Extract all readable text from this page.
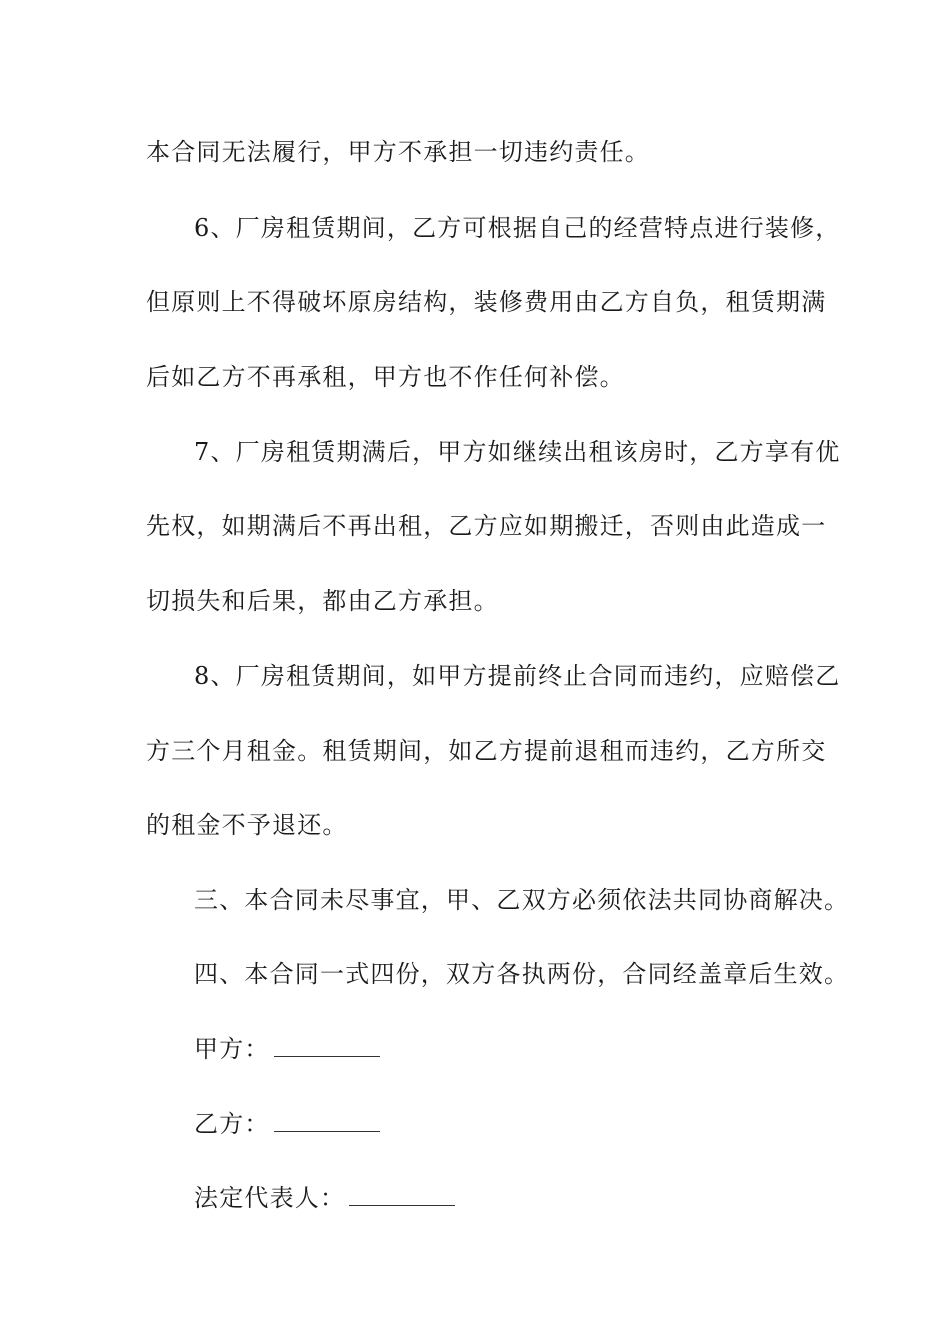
本合同无法履行，甲方不承担一切违约责任。
6、厂房租赁期间，乙方可根据自己的经营特点进行装修，
但原则上不得破坏原房结构，装修费用由乙方自负，租赁期满
后如乙方不再承租，甲方也不作任何补偿。
7、厂房租赁期满后，甲方如继续出租该房时，乙方享有优
先权，如期满后不再出租，乙方应如期搬迁，否则由此造成一
切损失和后果，都由乙方承担。
8、厂房租赁期间，如甲方提前终止合同而违约，应赔偿乙
方三个月租金。租赁期间，如乙方提前退租而违约，乙方所交
的租金不予退还。
三、本合同未尽事宜，甲、乙双方必须依法共同协商解决。
四、本合同一式四份，双方各执两份，合同经盖章后生效。
甲方：
乙方：
法定代表人：
